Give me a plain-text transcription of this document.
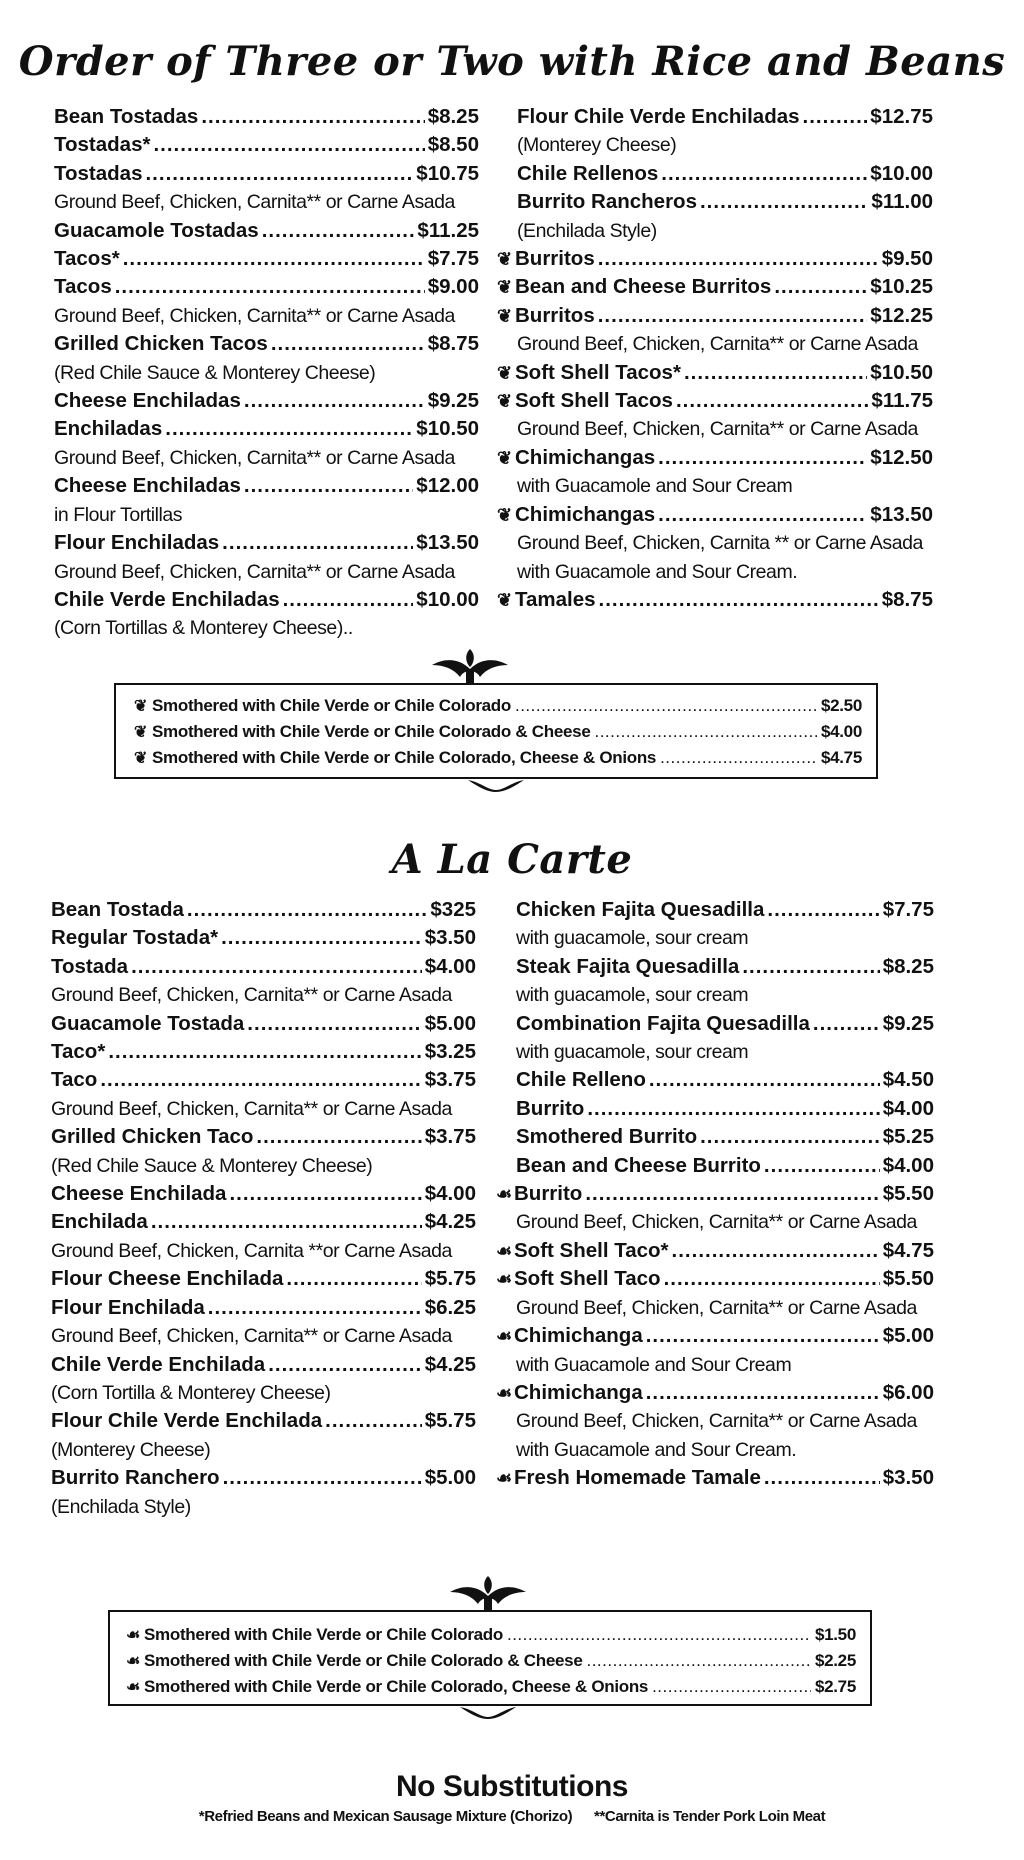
Order of Three or Two with Rice and Beans
Bean Tostadas .....	$8.25
Tostadas* .....	$8.50
Tostadas .....	$10.75
Ground Beef, Chicken, Carnita** or Carne Asada
Guacamole Tostadas .....	$11.25
Tacos* .....	$7.75
Tacos .....	$9.00
Ground Beef, Chicken, Carnita** or Carne Asada
Grilled Chicken Tacos .....	$8.75
(Red Chile Sauce & Monterey Cheese)
Cheese Enchiladas .....	$9.25
Enchiladas .....	$10.50
Ground Beef, Chicken, Carnita** or Carne Asada
Cheese Enchiladas .....	$12.00
in Flour Tortillas
Flour Enchiladas .....	$13.50
Ground Beef, Chicken, Carnita** or Carne Asada
Chile Verde Enchiladas .....	$10.00
(Corn Tortillas & Monterey Cheese)..
Flour Chile Verde Enchiladas .....	$12.75
(Monterey Cheese)
Chile Rellenos .....	$10.00
Burrito Rancheros .....	$11.00
(Enchilada Style)
❦ Burritos .....	$9.50
❦ Bean and Cheese Burritos .....	$10.25
❦ Burritos .....	$12.25
Ground Beef, Chicken, Carnita** or Carne Asada
❦ Soft Shell Tacos* .....	$10.50
❦ Soft Shell Tacos .....	$11.75
Ground Beef, Chicken, Carnita** or Carne Asada
❦ Chimichangas .....	$12.50
with Guacamole and Sour Cream
❦ Chimichangas .....	$13.50
Ground Beef, Chicken, Carnita ** or Carne Asada
with Guacamole and Sour Cream.
❦ Tamales .....	$8.75
❦ Smothered with Chile Verde or Chile Colorado .....	$2.50
❦ Smothered with Chile Verde or Chile Colorado & Cheese .....	$4.00
❦ Smothered with Chile Verde or Chile Colorado, Cheese & Onions .....	$4.75
A La Carte
Bean Tostada .....	$325
Regular Tostada* .....	$3.50
Tostada .....	$4.00
Ground Beef, Chicken, Carnita** or Carne Asada
Guacamole Tostada .....	$5.00
Taco* .....	$3.25
Taco .....	$3.75
Ground Beef, Chicken, Carnita** or Carne Asada
Grilled Chicken Taco .....	$3.75
(Red Chile Sauce & Monterey Cheese)
Cheese Enchilada .....	$4.00
Enchilada .....	$4.25
Ground Beef, Chicken, Carnita **or Carne Asada
Flour Cheese Enchilada .....	$5.75
Flour Enchilada .....	$6.25
Ground Beef, Chicken, Carnita** or Carne Asada
Chile Verde Enchilada .....	$4.25
(Corn Tortilla & Monterey Cheese)
Flour Chile Verde Enchilada .....	$5.75
(Monterey Cheese)
Burrito Ranchero .....	$5.00
(Enchilada Style)
Chicken Fajita Quesadilla .....	$7.75
with guacamole, sour cream
Steak Fajita Quesadilla .....	$8.25
with guacamole, sour cream
Combination Fajita Quesadilla .....	$9.25
with guacamole, sour cream
Chile Relleno .....	$4.50
Burrito .....	$4.00
Smothered Burrito .....	$5.25
Bean and Cheese Burrito .....	$4.00
☙ Burrito .....	$5.50
Ground Beef, Chicken, Carnita** or Carne Asada
☙ Soft Shell Taco* .....	$4.75
☙ Soft Shell Taco .....	$5.50
Ground Beef, Chicken, Carnita** or Carne Asada
☙ Chimichanga .....	$5.00
with Guacamole and Sour Cream
☙ Chimichanga .....	$6.00
Ground Beef, Chicken, Carnita** or Carne Asada
with Guacamole and Sour Cream.
☙ Fresh Homemade Tamale .....	$3.50
☙ Smothered with Chile Verde or Chile Colorado .....	$1.50
☙ Smothered with Chile Verde or Chile Colorado & Cheese .....	$2.25
☙ Smothered with Chile Verde or Chile Colorado, Cheese & Onions .....	$2.75
No Substitutions
*Refried Beans and Mexican Sausage Mixture (Chorizo) **Carnita is Tender Pork Loin Meat
